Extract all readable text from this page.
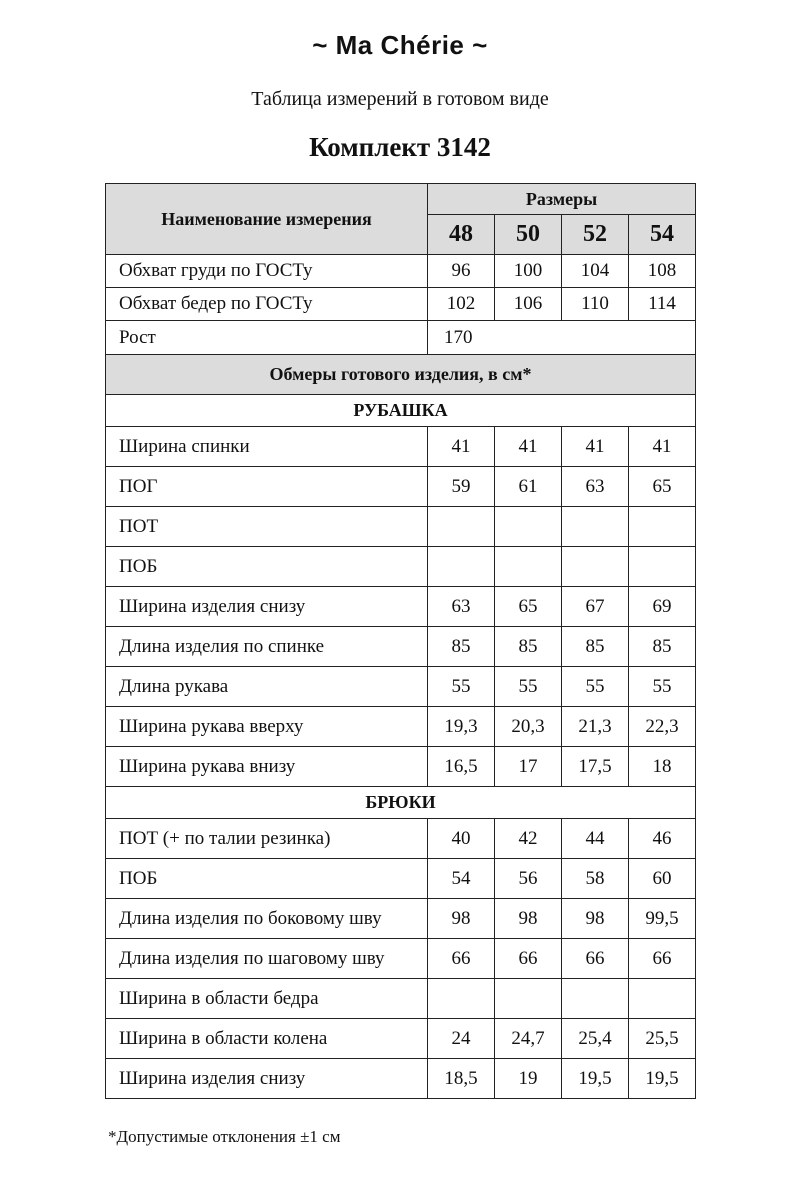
~ Ma Chérie ~
Таблица измерений в готовом виде
Комплект 3142
Наименование измерения	Размеры			
	48	50	52	54
Обхват груди по ГОСТу	96	100	104	108
Обхват бедер по ГОСТу	102	106	110	114
Рост	170			
Обмеры готового изделия, в см*				
РУБАШКА				
Ширина спинки	41	41	41	41
ПОГ	59	61	63	65
ПОТ				
ПОБ				
Ширина изделия снизу	63	65	67	69
Длина изделия по спинке	85	85	85	85
Длина рукава	55	55	55	55
Ширина рукава вверху	19,3	20,3	21,3	22,3
Ширина рукава внизу	16,5	17	17,5	18
БРЮКИ				
ПОТ (+ по талии резинка)	40	42	44	46
ПОБ	54	56	58	60
Длина изделия по боковому шву	98	98	98	99,5
Длина изделия по шаговому шву	66	66	66	66
Ширина в области бедра				
Ширина в области колена	24	24,7	25,4	25,5
Ширина изделия снизу	18,5	19	19,5	19,5
*Допустимые отклонения ±1 см
